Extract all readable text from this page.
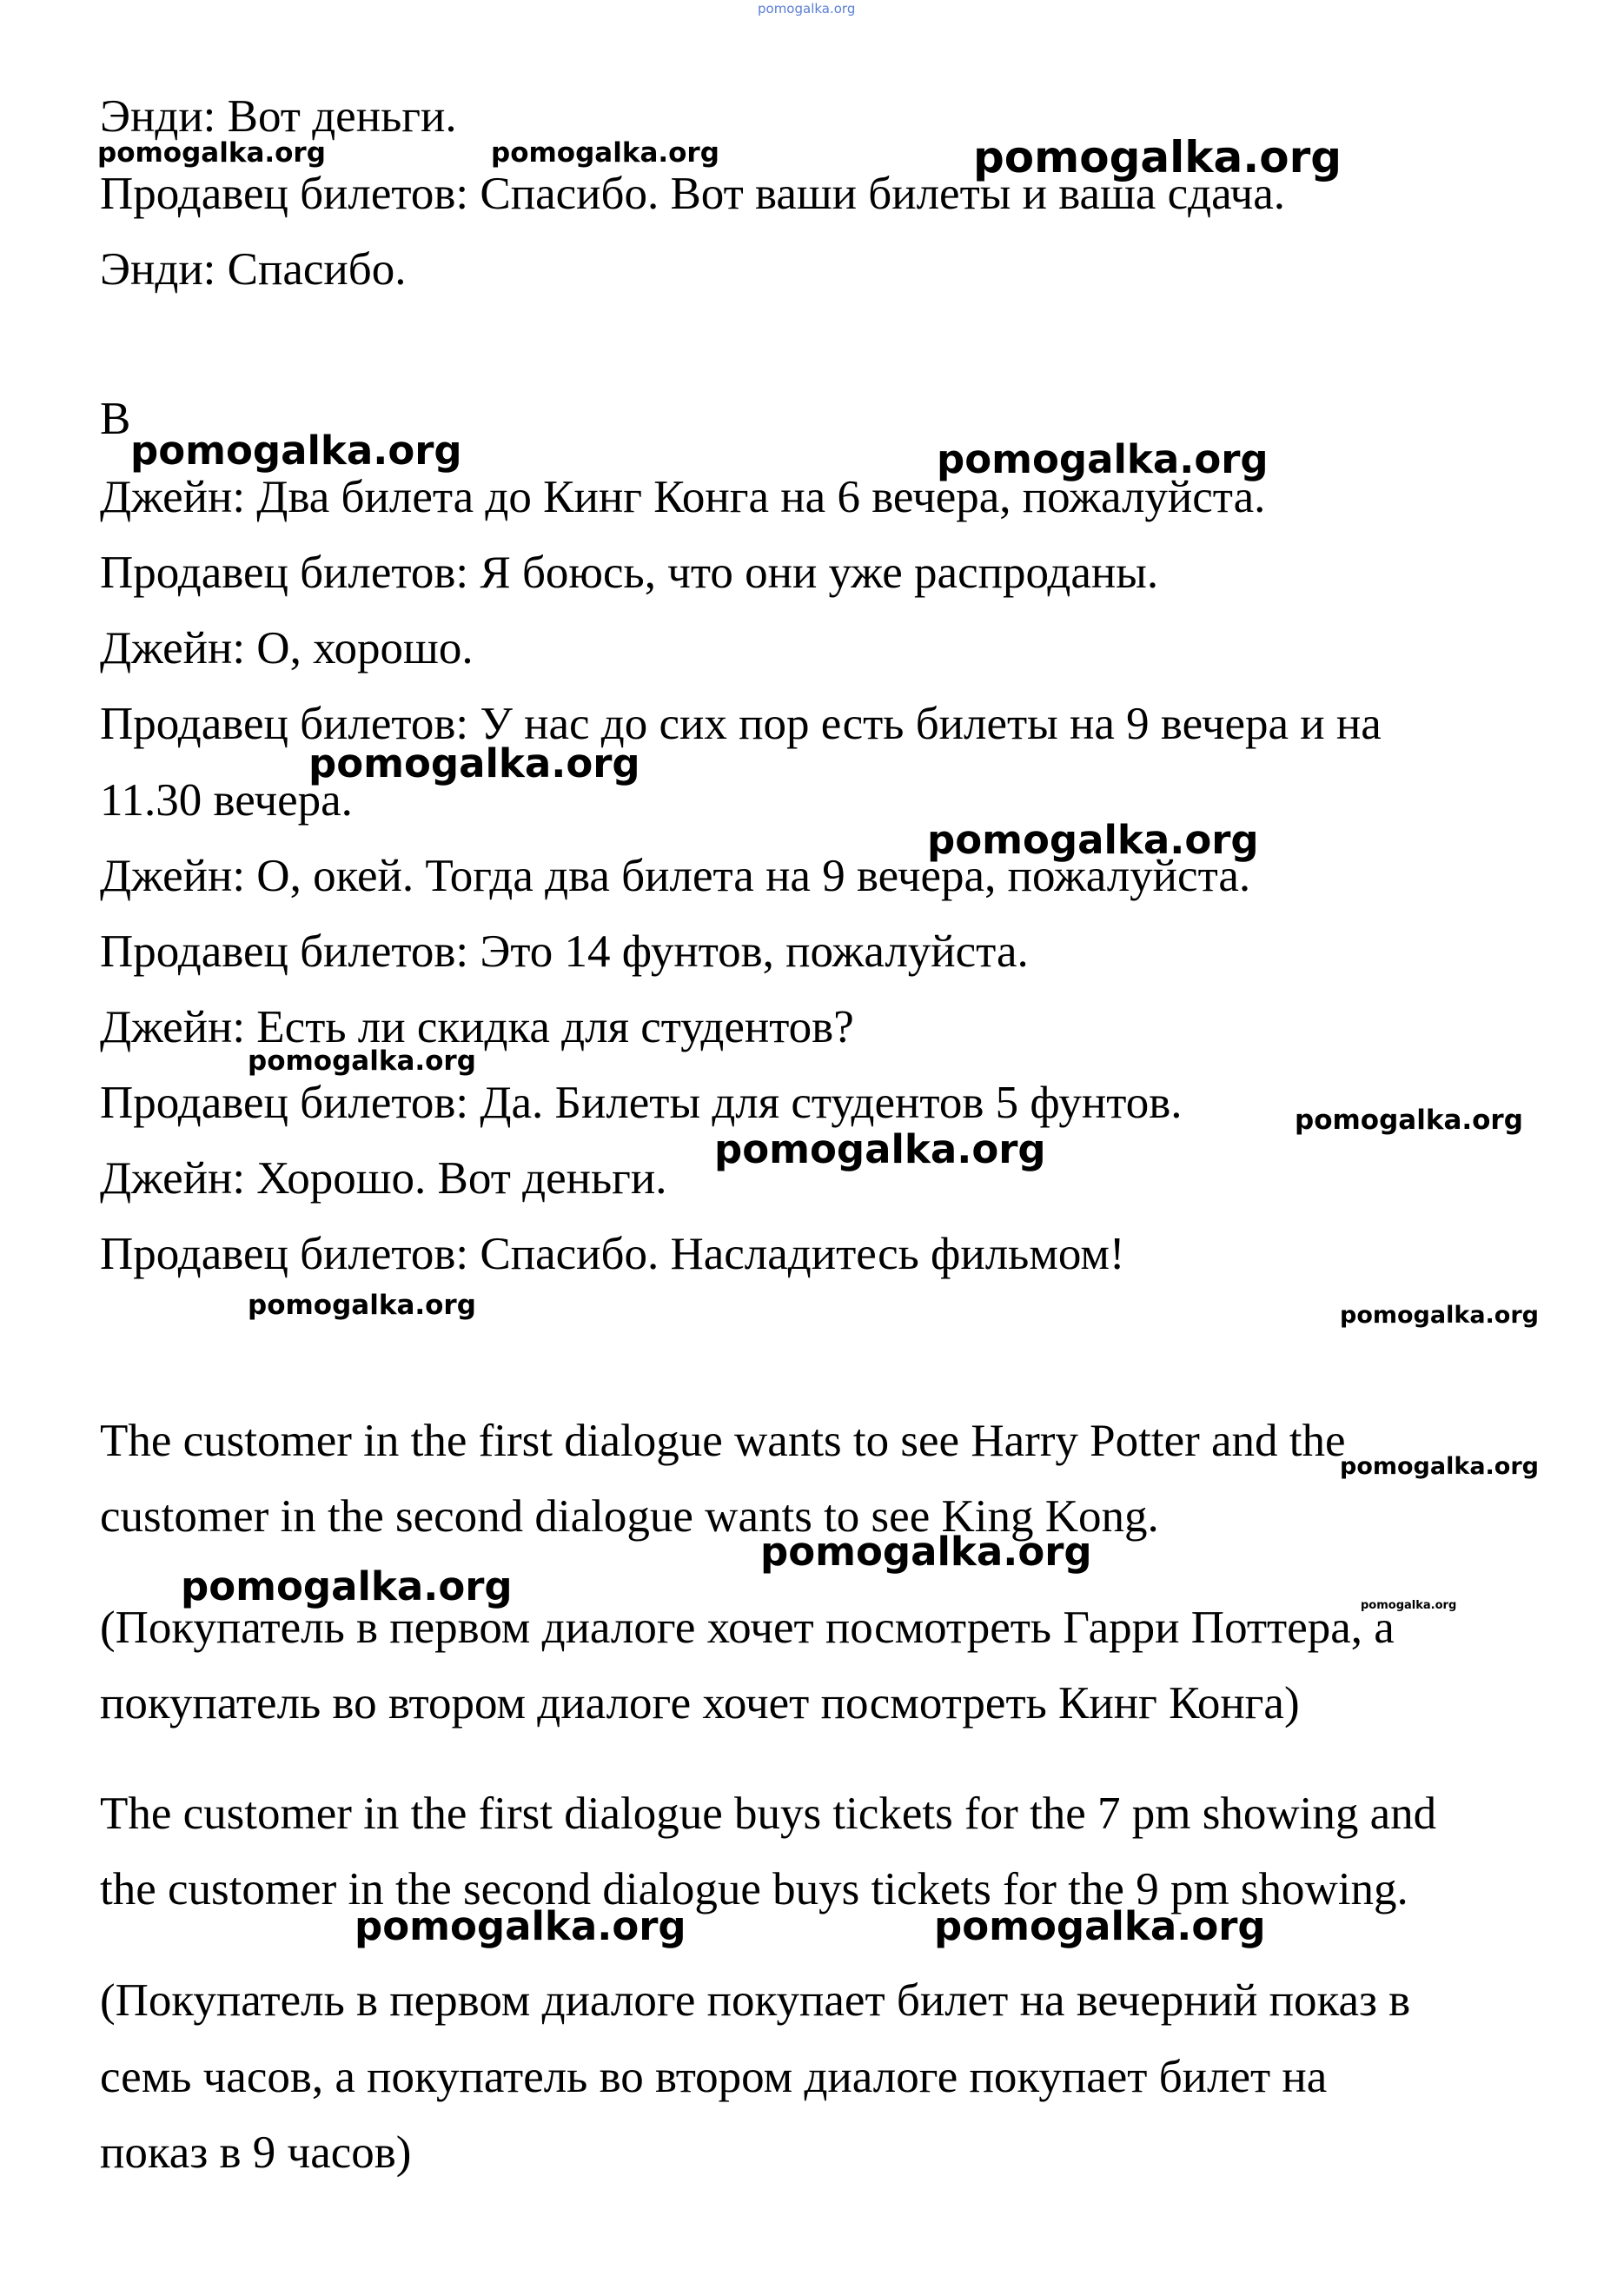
pomogalka.org
Энди: Вот деньги.
Продавец билетов: Спасибо. Вот ваши билеты и ваша сдача.
Энди: Спасибо.
B
Джейн: Два билета до Кинг Конга на 6 вечера, пожалуйста.
Продавец билетов: Я боюсь, что они уже распроданы.
Джейн: О, хорошо.
Продавец билетов: У нас до сих пор есть билеты на 9 вечера и на
11.30 вечера.
Джейн: О, окей. Тогда два билета на 9 вечера, пожалуйста.
Продавец билетов: Это 14 фунтов, пожалуйста.
Джейн: Есть ли скидка для студентов?
Продавец билетов: Да. Билеты для студентов 5 фунтов.
Джейн: Хорошо. Вот деньги.
Продавец билетов: Спасибо. Насладитесь фильмом!
The customer in the first dialogue wants to see Harry Potter and the
customer in the second dialogue wants to see King Kong.
(Покупатель в первом диалоге хочет посмотреть Гарри Поттера, а
покупатель во втором диалоге хочет посмотреть Кинг Конга)
The customer in the first dialogue buys tickets for the 7 pm showing and
the customer in the second dialogue buys tickets for the 9 pm showing.
(Покупатель в первом диалоге покупает билет на вечерний показ в
семь часов, а покупатель во втором диалоге покупает билет на
показ в 9 часов)
pomogalka.org	pomogalka.org	pomogalka.org
pomogalka.org	pomogalka.org
pomogalka.org
pomogalka.org
pomogalka.org
pomogalka.org
pomogalka.org
pomogalka.org	pomogalka.org
pomogalka.org
pomogalka.org
pomogalka.org	pomogalka.org
pomogalka.org	pomogalka.org
